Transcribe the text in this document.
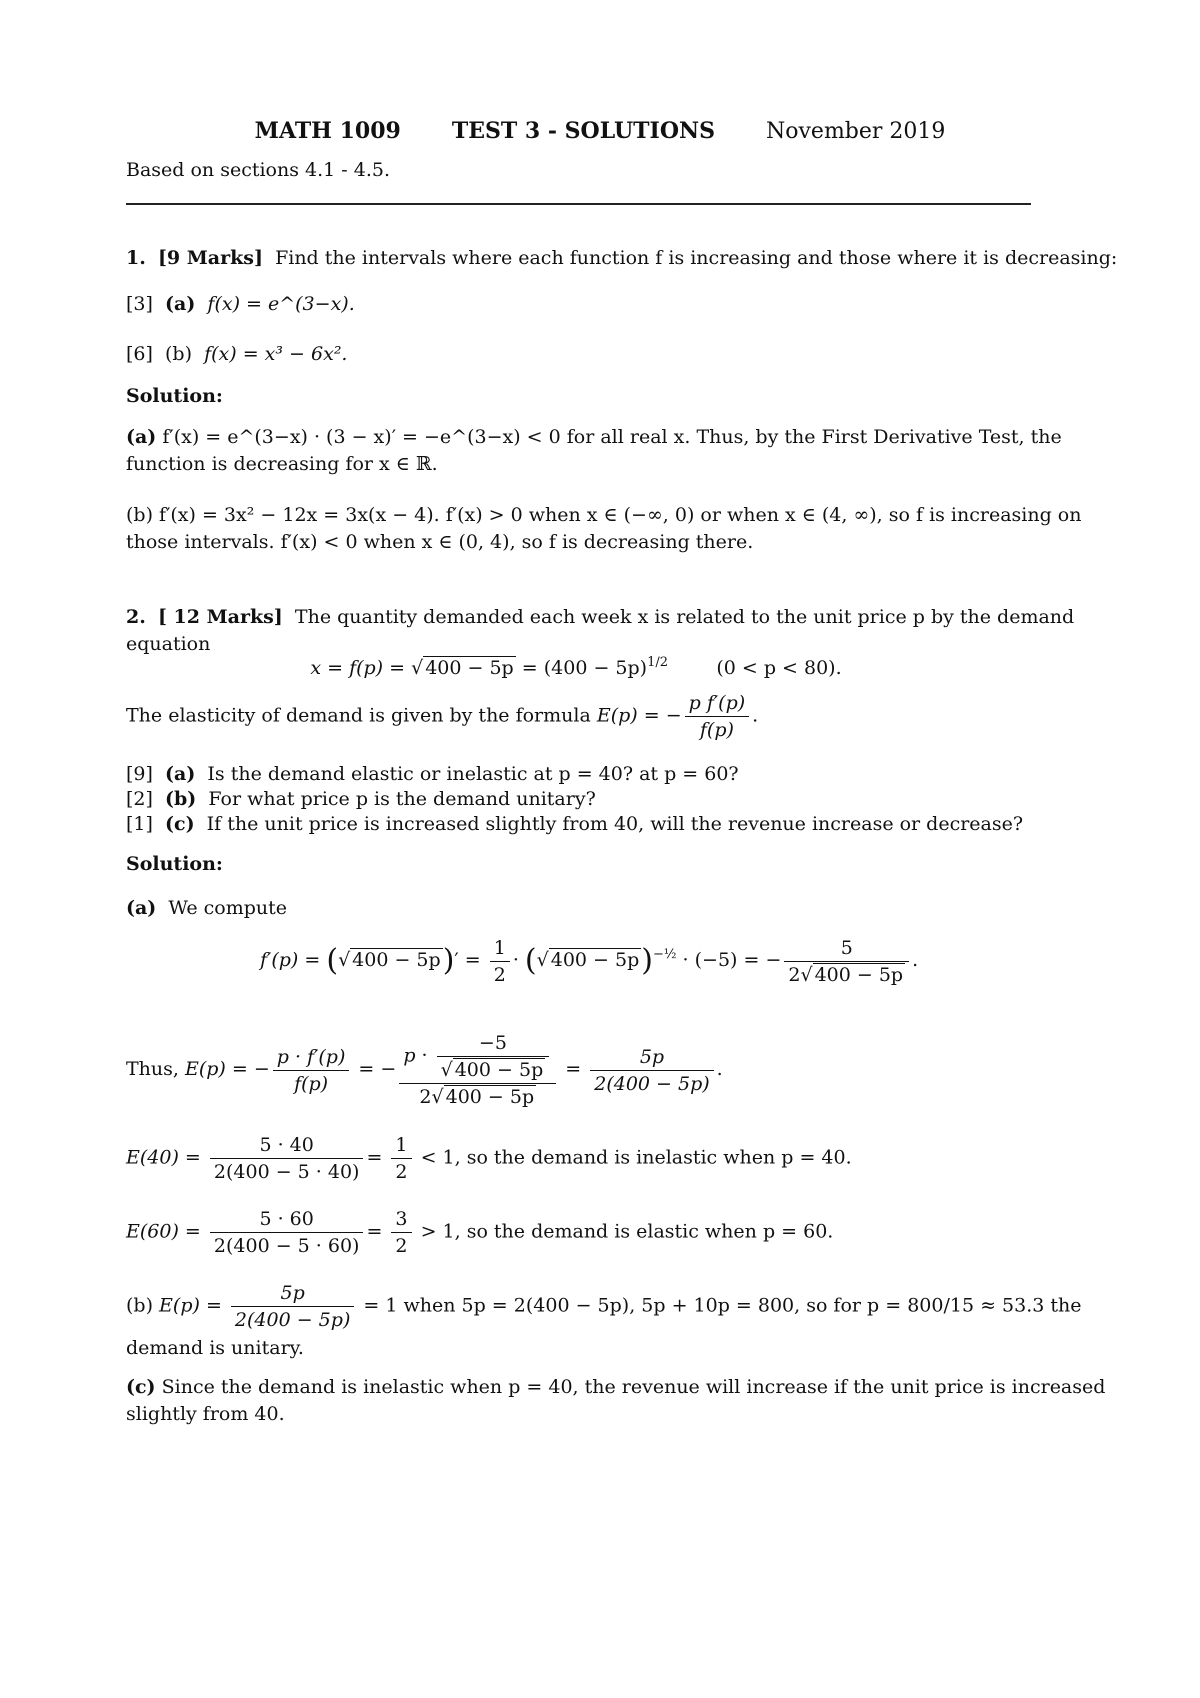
MATH 1009 TEST 3 - SOLUTIONS November 2019
Based on sections 4.1 - 4.5.
1. [9 Marks] Find the intervals where each function f is increasing and those where it is decreasing:
[3] (a) f(x) = e^(3−x).
[6] (b) f(x) = x³ − 6x².
Solution:
(a) f′(x) = e^(3−x) · (3 − x)′ = −e^(3−x) < 0 for all real x. Thus, by the First Derivative Test, the function is decreasing for x ∈ ℝ.
(b) f′(x) = 3x² − 12x = 3x(x − 4). f′(x) > 0 when x ∈ (−∞, 0) or when x ∈ (4, ∞), so f is increasing on those intervals. f′(x) < 0 when x ∈ (0, 4), so f is decreasing there.
2. [ 12 Marks] The quantity demanded each week x is related to the unit price p by the demand equation
x = f(p) = √ $400 - 5p = (400 - 5p)^{1/2}$	(0 < p < 80).
The elasticity of demand is given by the formula E(p) = − $\frac{\text{p f′(p)}}{f(p)}$ .
[9] (a) Is the demand elastic or inelastic at p = 40? at p = 60?
[2] (b) For what price p is the demand unitary?
[1] (c) If the unit price is increased slightly from 40, will the revenue increase or decrease?
Solution:
(a) We compute
f′(p) = (√ $400 - 5p)' = \frac{1}{2}$ · (√ 400 − 5p)$^{-\frac{1}{2}}$ · (−5) = − $\frac{5}{2√ 400 - 5p}$ .
Thus, E(p) = − $\frac{p \cdot f'(p)}{f(p)}$ = − $\frac{p \cdot \frac{-5}{√ 400 - 5p}}{2√ 400 - 5p} = \frac{5p}{2(400 - 5p)}$ .
$E(40) = \frac{5 \cdot 40}{2(400 - 5 \cdot 40)} = \frac{1}{2} < 1$, so the demand is inelastic when p = 40.
$E(60) = \frac{5 \cdot 60}{2(400 - 5 \cdot 60)} = \frac{3}{2} > 1$, so the demand is elastic when p = 60.
(b) $E(p) = \frac{5p}{2(400 - 5p)} = 1$ when 5p = 2(400 − 5p), 5p + 10p = 800, so for p = 800/15 ≈ 53.3 the demand is unitary.
(c) Since the demand is inelastic when p = 40, the revenue will increase if the unit price is increased slightly from 40.
